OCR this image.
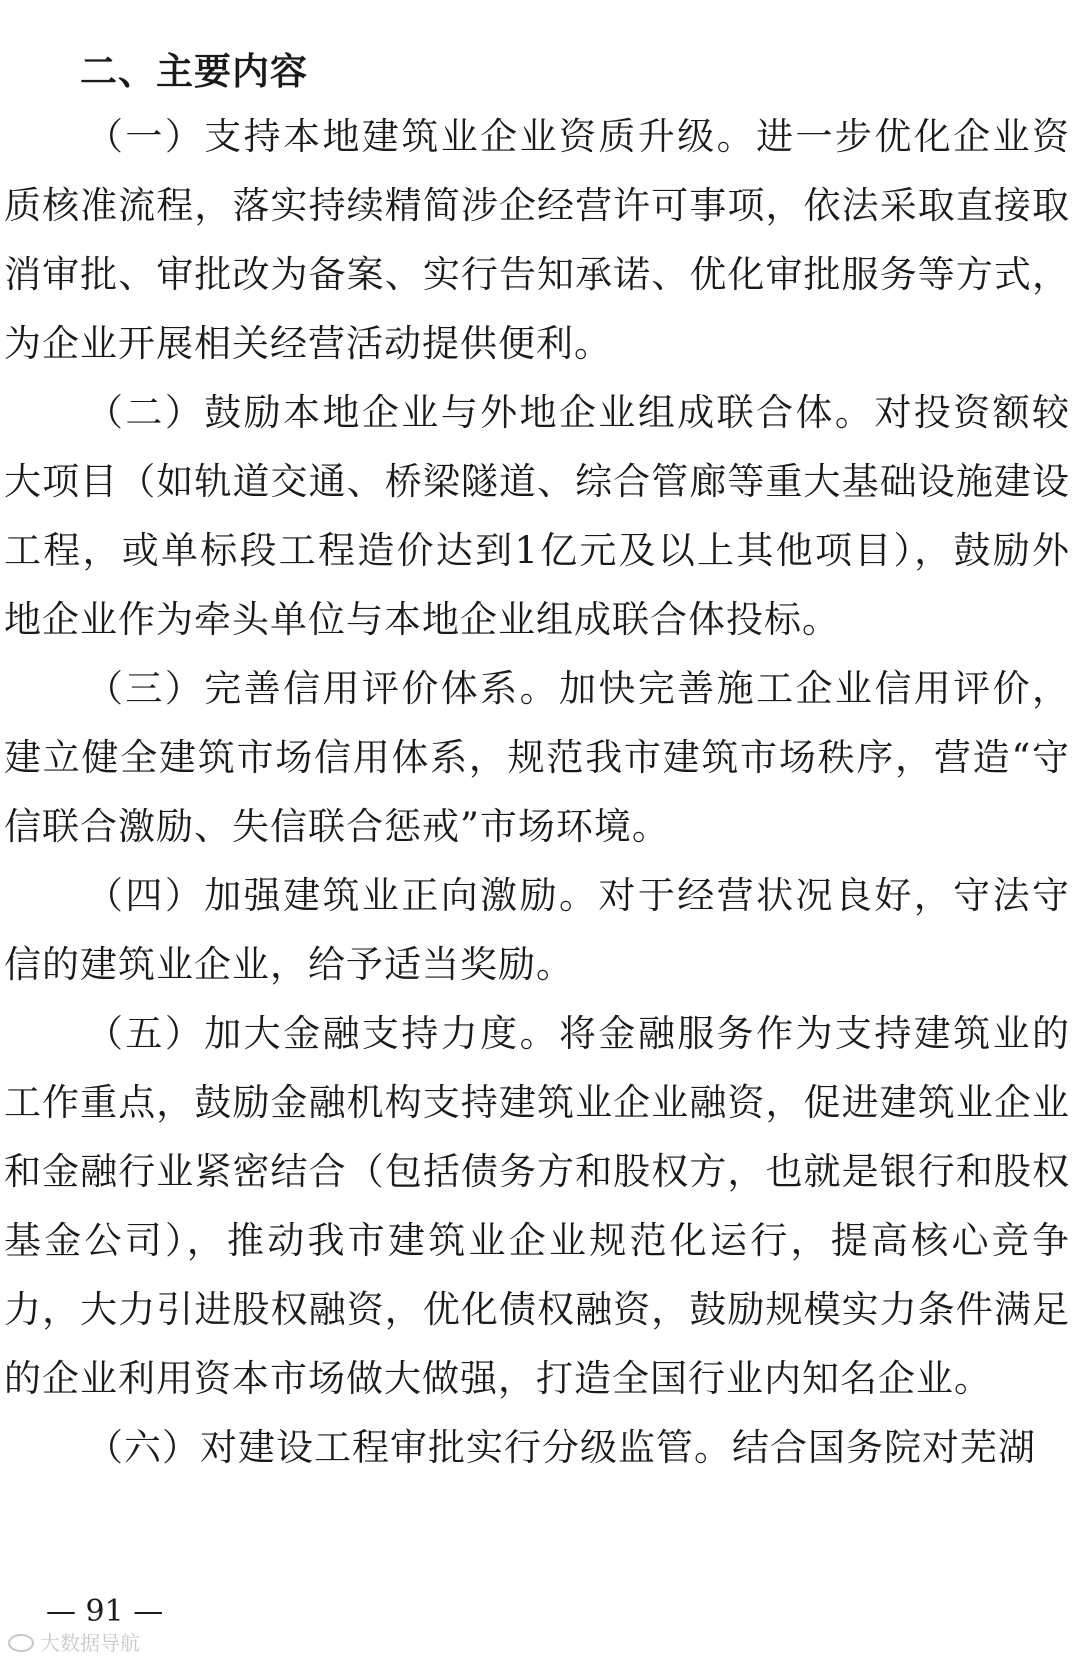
二、主要内容

（一）支持本地建筑业企业资质升级。进一步优化企业资质核准流程，落实持续精简涉企经营许可事项，依法采取直接取消审批、审批改为备案、实行告知承诺、优化审批服务等方式，为企业开展相关经营活动提供便利。

（二）鼓励本地企业与外地企业组成联合体。对投资额较大项目（如轨道交通、桥梁隧道、综合管廊等重大基础设施建设工程，或单标段工程造价达到1亿元及以上其他项目），鼓励外地企业作为牵头单位与本地企业组成联合体投标。

（三）完善信用评价体系。加快完善施工企业信用评价，建立健全建筑市场信用体系，规范我市建筑市场秩序，营造“守信联合激励、失信联合惩戒”市场环境。

（四）加强建筑业正向激励。对于经营状况良好，守法守信的建筑业企业，给予适当奖励。

（五）加大金融支持力度。将金融服务作为支持建筑业的工作重点，鼓励金融机构支持建筑业企业融资，促进建筑业企业和金融行业紧密结合（包括债务方和股权方，也就是银行和股权基金公司），推动我市建筑业企业规范化运行，提高核心竞争力，大力引进股权融资，优化债权融资，鼓励规模实力条件满足的企业利用资本市场做大做强，打造全国行业内知名企业。

（六）对建设工程审批实行分级监管。结合国务院对芜湖

— 91 —
大数据导航
